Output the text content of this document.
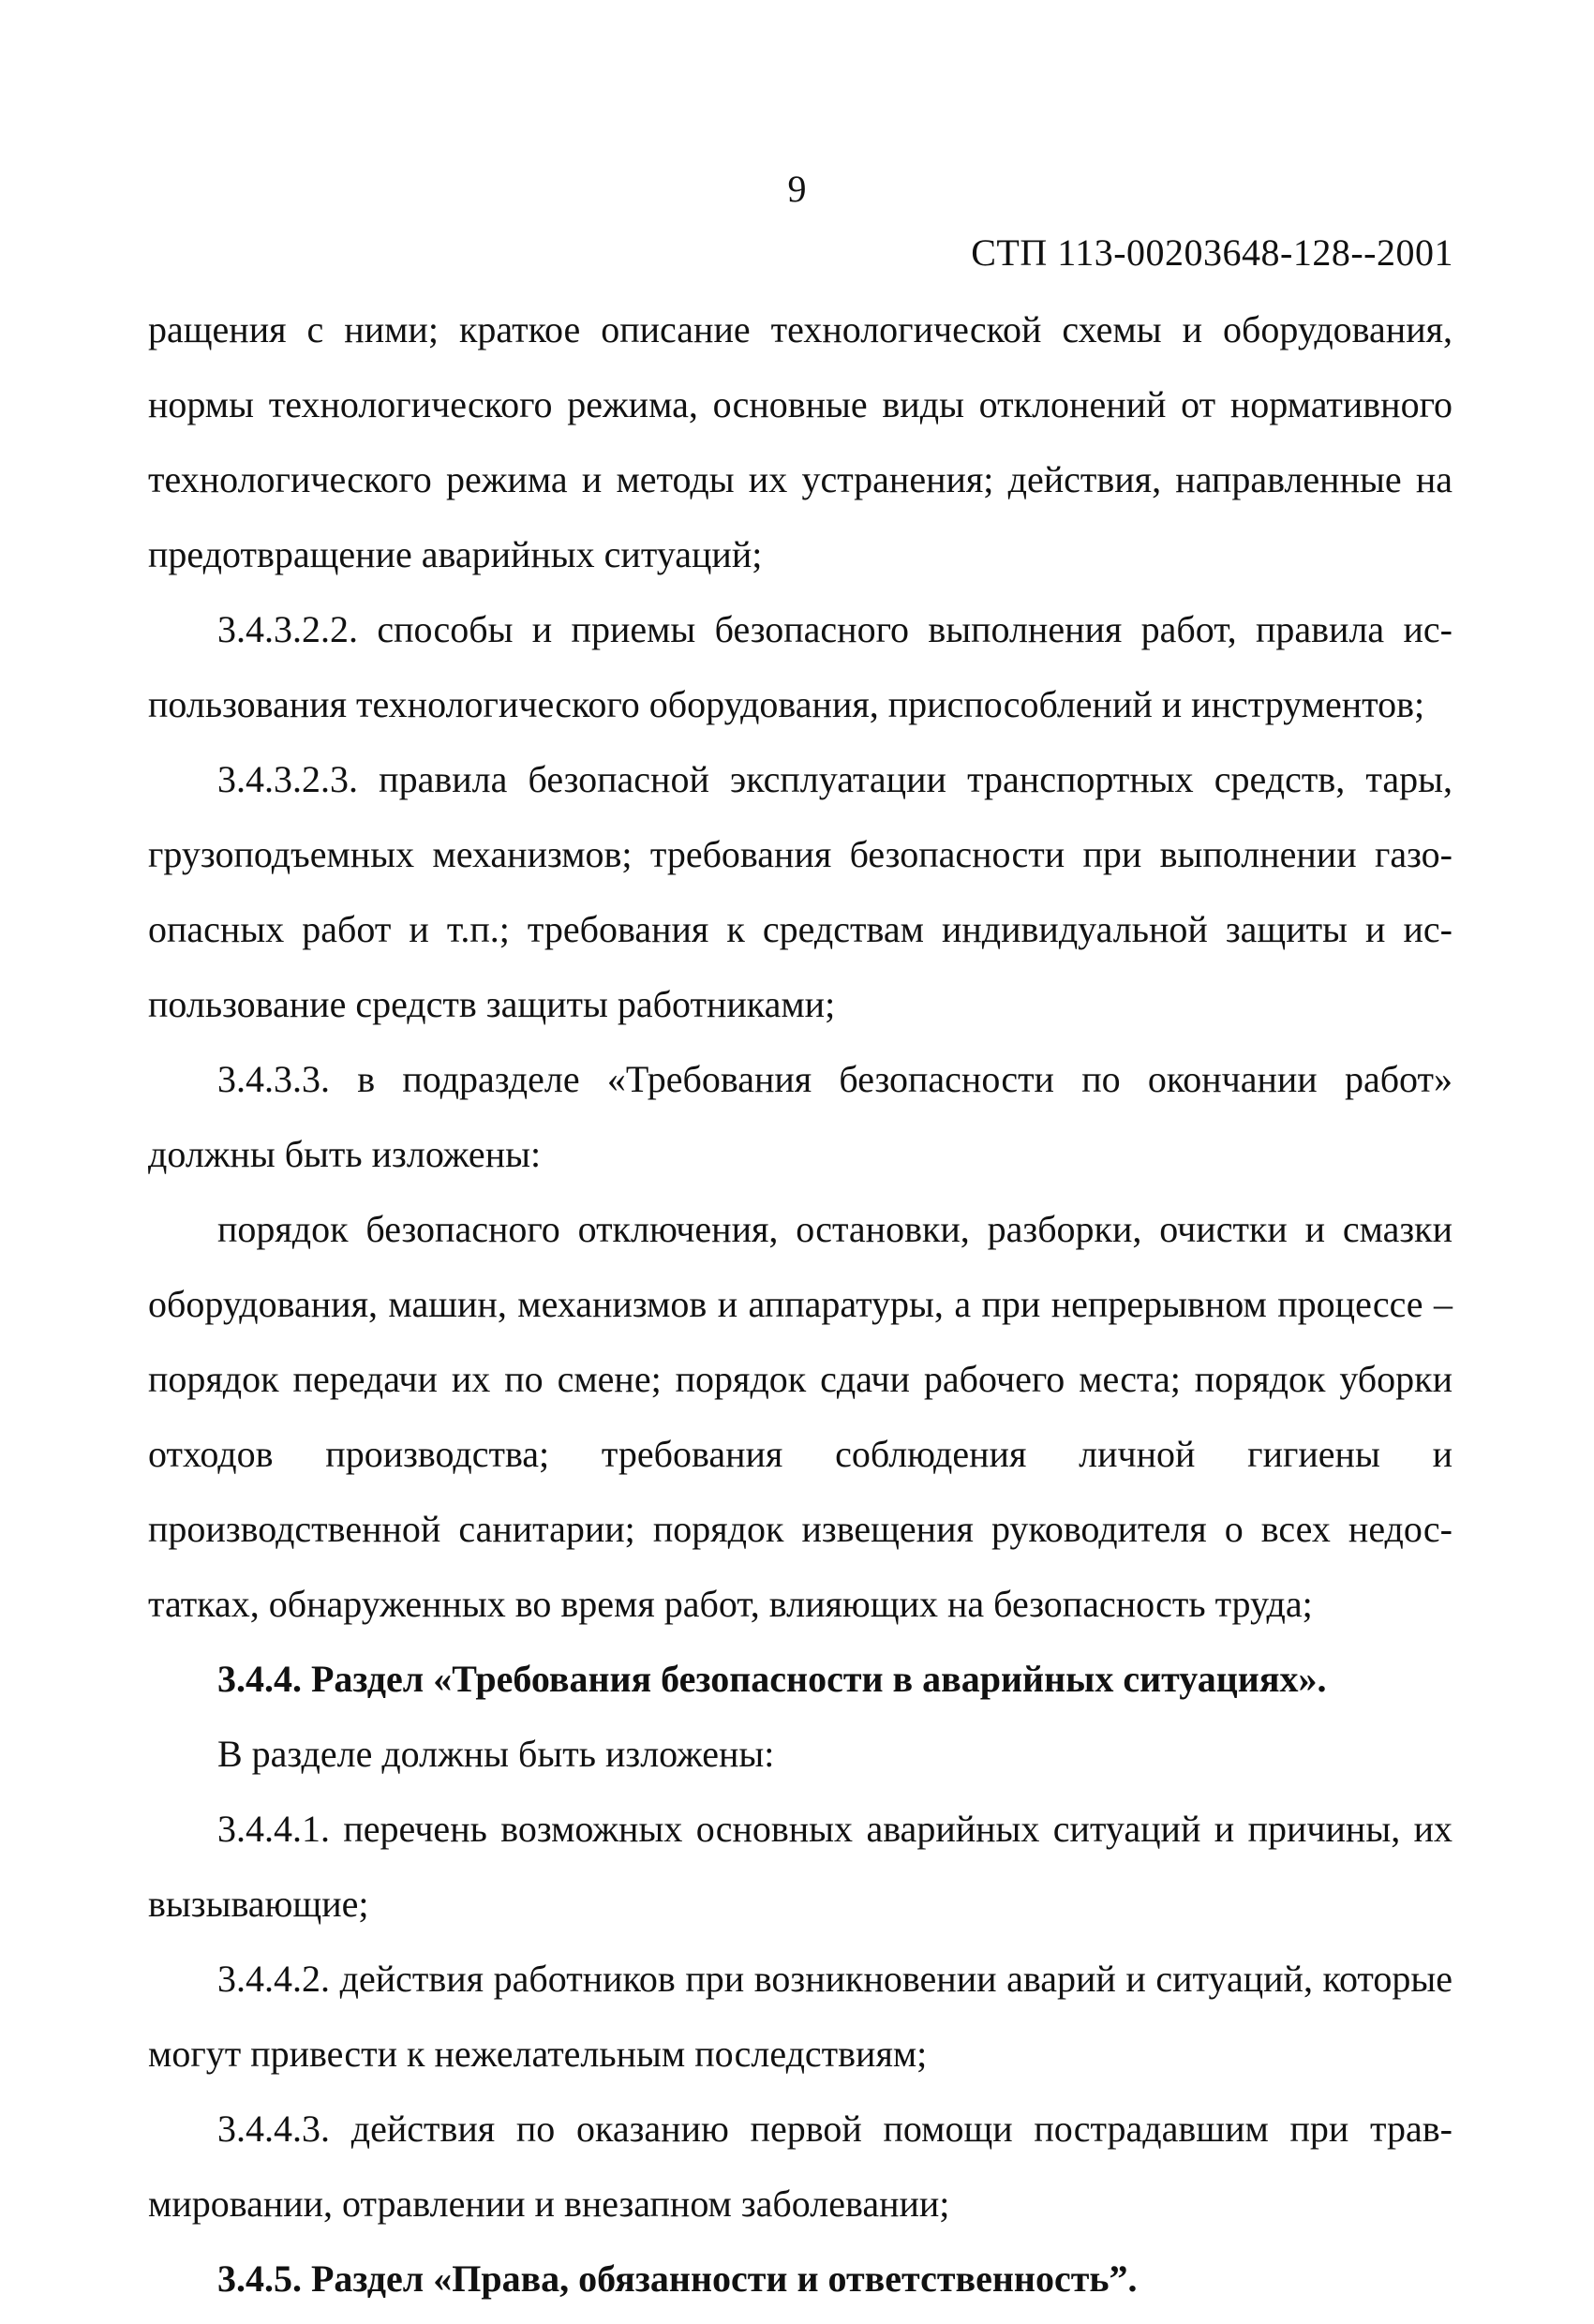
9
СТП 113-00203648-128--2001

ращения с ними; краткое описание технологической схемы и оборудования, нормы технологического режима, основные виды отклонений от нормативного технологического режима и методы их устранения; действия, направленные на предотвращение аварийных ситуаций;

3.4.3.2.2. способы и приемы безопасного выполнения работ, правила использования технологического оборудования, приспособлений и инструментов;

3.4.3.2.3. правила безопасной эксплуатации транспортных средств, тары, грузоподъемных механизмов; требования безопасности при выполнении газоопасных работ и т.п.; требования к средствам индивидуальной защиты и использование средств защиты работниками;

3.4.3.3. в подразделе «Требования безопасности по окончании работ» должны быть изложены:

порядок безопасного отключения, остановки, разборки, очистки и смазки оборудования, машин, механизмов и аппаратуры, а при непрерывном процессе – порядок передачи их по смене; порядок сдачи рабочего места; порядок уборки отходов производства; требования соблюдения личной гигиены и производственной санитарии; порядок извещения руководителя о всех недостатках, обнаруженных во время работ, влияющих на безопасность труда;

3.4.4. Раздел «Требования безопасности в аварийных ситуациях».

В разделе должны быть изложены:

3.4.4.1. перечень возможных основных аварийных ситуаций и причины, их вызывающие;

3.4.4.2. действия работников при возникновении аварий и ситуаций, которые могут привести к нежелательным последствиям;

3.4.4.3. действия по оказанию первой помощи пострадавшим при травмировании, отравлении и внезапном заболевании;

3.4.5. Раздел «Права, обязанности и ответственность”.
